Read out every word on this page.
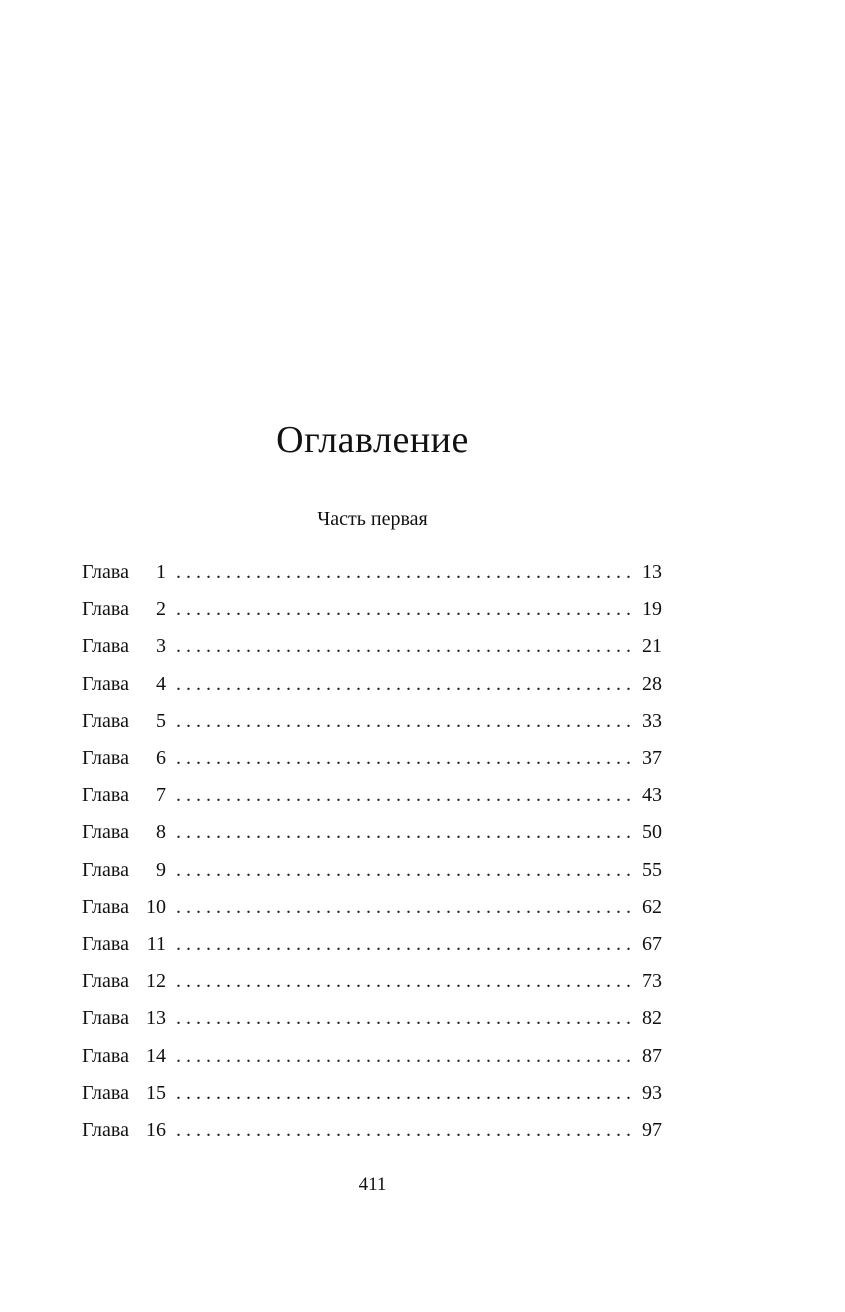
Оглавление
Часть первая
Глава	1 . . .	13
Глава	2 . . .	19
Глава	3 . . .	21
Глава	4 . . .	28
Глава	5 . . .	33
Глава	6 . . .	37
Глава	7 . . .	43
Глава	8 . . .	50
Глава	9 . . .	55
Глава 10 . . .	62
Глава 11 . . .	67
Глава 12 . . .	73
Глава 13 . . .	82
Глава 14 . . .	87
Глава 15 . . .	93
Глава 16 . . .	97
411
